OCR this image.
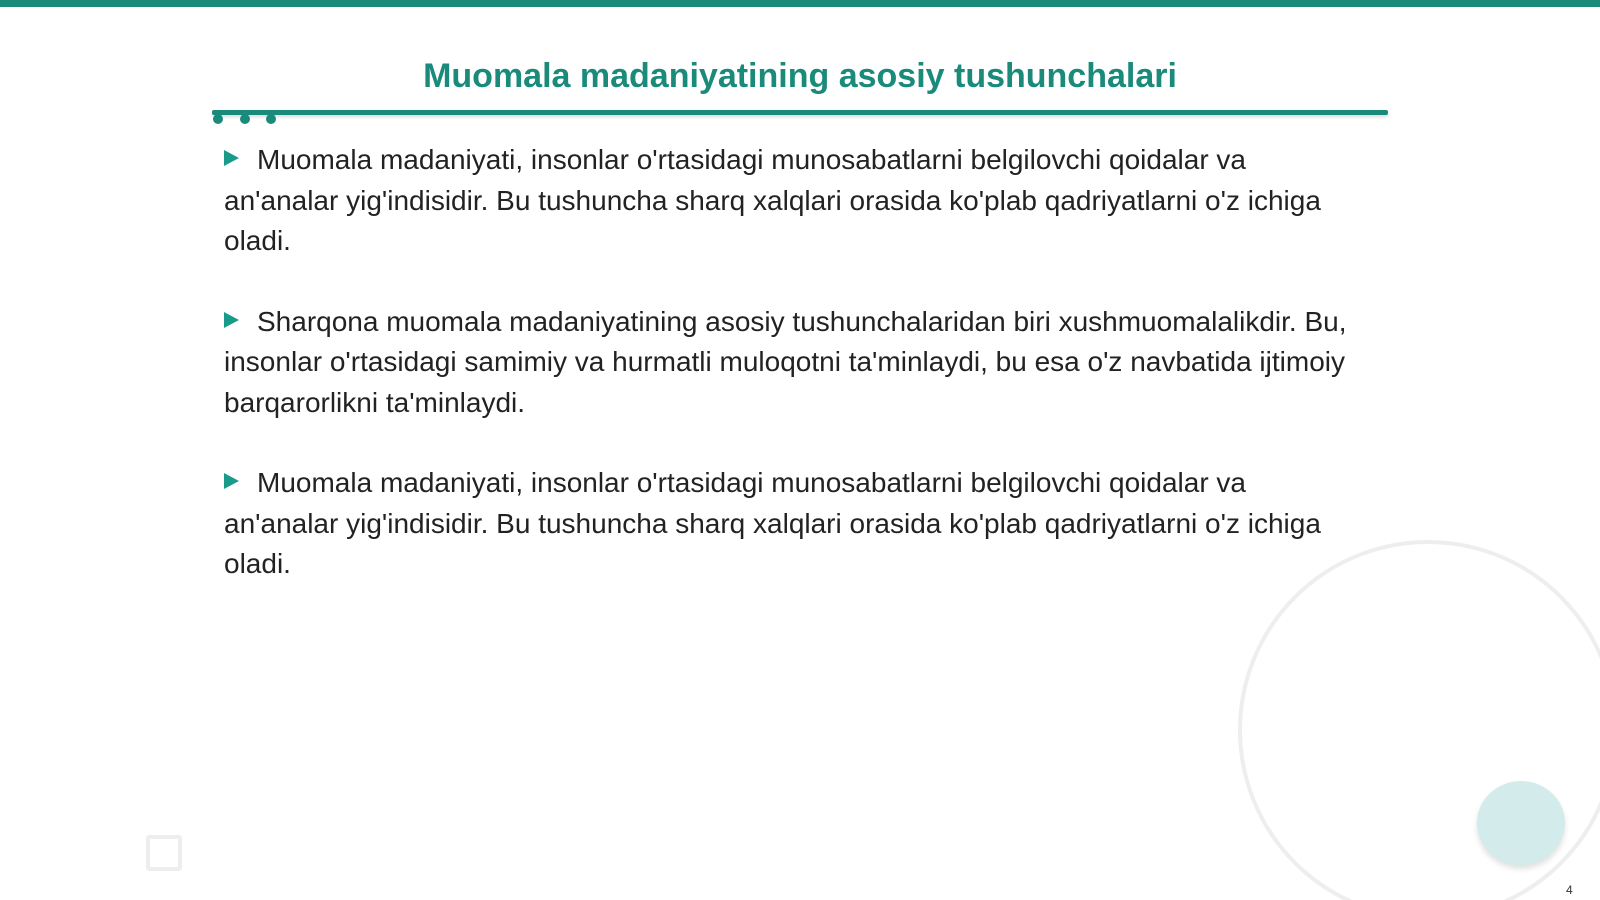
Muomala madaniyatining asosiy tushunchalari

Muomala madaniyati, insonlar o'rtasidagi munosabatlarni belgilovchi qoidalar va an'analar yig'indisidir. Bu tushuncha sharq xalqlari orasida ko'plab qadriyatlarni o'z ichiga oladi.

Sharqona muomala madaniyatining asosiy tushunchalaridan biri xushmuomalalikdir. Bu, insonlar o'rtasidagi samimiy va hurmatli muloqotni ta'minlaydi, bu esa o'z navbatida ijtimoiy barqarorlikni ta'minlaydi.

Muomala madaniyati, insonlar o'rtasidagi munosabatlarni belgilovchi qoidalar va an'analar yig'indisidir. Bu tushuncha sharq xalqlari orasida ko'plab qadriyatlarni o'z ichiga oladi.

4
